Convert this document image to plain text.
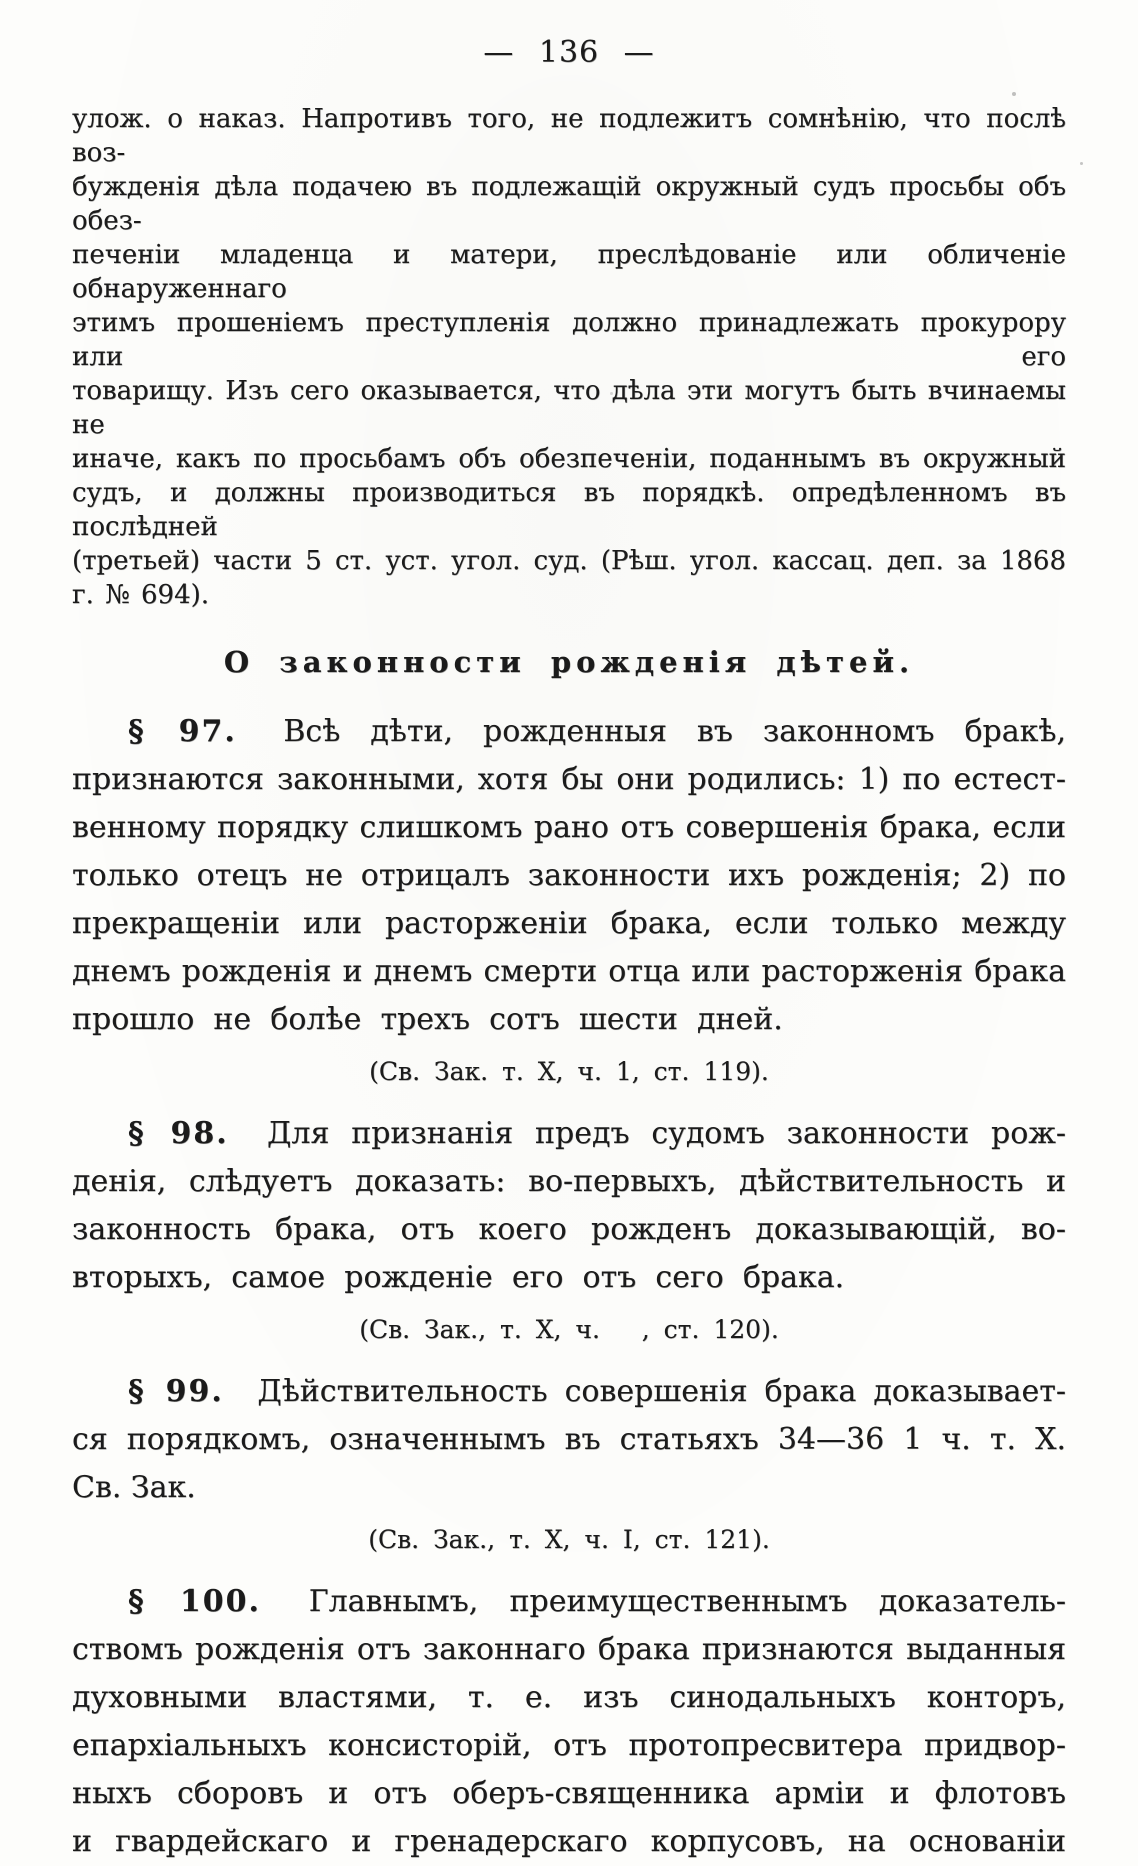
— 136 —
улож. о наказ. Напротивъ того, не подлежитъ сомнѣнію, что послѣ воз-
бужденія дѣла подачею въ подлежащій окружный судъ просьбы объ обез-
печеніи младенца и матери, преслѣдованіе или обличеніе обнаруженнаго
этимъ прошеніемъ преступленія должно принадлежать прокурору или его
товарищу. Изъ сего оказывается, что дѣла эти могутъ быть вчинаемы не
иначе, какъ по просьбамъ объ обезпеченіи, поданнымъ въ окружный
судъ, и должны производиться въ порядкѣ. опредѣленномъ въ послѣдней
(третьей) части 5 ст. уст. угол. суд. (Рѣш. угол. кассац. деп. за 1868
г. № 694).
О законности рожденія дѣтей.
§ 97. Всѣ дѣти, рожденныя въ законномъ бракѣ,
признаются законными, хотя бы они родились: 1) по естест-
венному порядку слишкомъ рано отъ совершенія брака, если
только отецъ не отрицалъ законности ихъ рожденія; 2) по
прекращеніи или расторженіи брака, если только между
днемъ рожденія и днемъ смерти отца или расторженія брака
прошло не болѣе трехъ сотъ шести дней.
(Св. Зак. т. X, ч. 1, ст. 119).
§ 98. Для признанія предъ судомъ законности рож-
денія, слѣдуетъ доказать: во-первыхъ, дѣйствительность и
законность брака, отъ коего рожденъ доказывающій, во-
вторыхъ, самое рожденіе его отъ сего брака.
(Св. Зак., т. X, ч.   , ст. 120).
§ 99. Дѣйствительность совершенія брака доказывает-
ся порядкомъ, означеннымъ въ статьяхъ 34—36 1 ч. т. X.
Св. Зак.
(Св. Зак., т. X, ч. I, ст. 121).
§ 100. Главнымъ, преимущественнымъ доказатель-
ствомъ рожденія отъ законнаго брака признаются выданныя
духовными властями, т. е. изъ синодальныхъ конторъ,
епархіальныхъ консисторій, отъ протопресвитера придвор-
ныхъ сборовъ и отъ оберъ-священника арміи и флотовъ
и гвардейскаго и гренадерскаго корпусовъ, на основаніи
